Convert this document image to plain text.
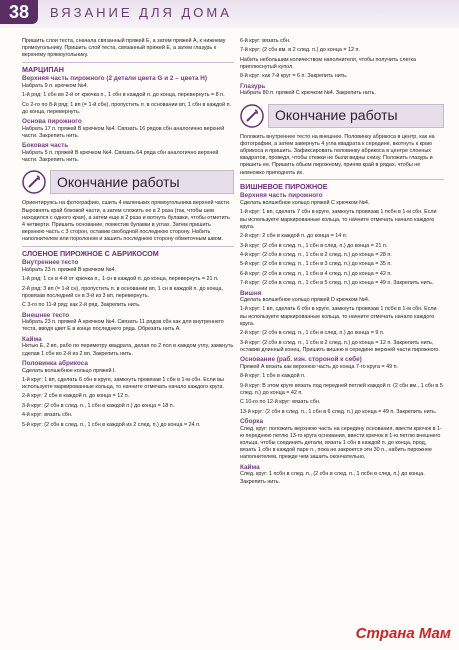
38	ВЯЗАНИЕ ДЛЯ ДОМА

Пришить слои теста, сначала связанный пряжей Е, а затем пряжей А, к нижнему прямоугольнику. Пришить слой теста, связанный пряжей Е, а затем глазурь к верхнему прямоугольнику.

МАРЦИПАН
Верхняя часть пирожного (2 детали цвета G и 2 – цвета H)

Набрать 9 п. крючком №4.

1-й ряд: 1 сбн во 2-й от крючка п., 1 сбн в каждой п. до конца, перевернуть = 8 п.

Со 2-го по 8-й ряд: 1 вп (= 1-й сбн), пропустить п. в основании вп, 1 сбн в каждой п. до конца, перевернуть.

Основа пирожного

Набрать 17 п. пряжей В крючком №4. Связать 16 рядов сбн аналогично верхней части. Закрепить нить.

Боковая часть

Набрать 5 п. пряжей В крючком №4. Связать 64 ряда сбн аналогично верхней части. Закрепить нить.

Окончание работы

Ориентируясь на фотографию, сшить 4 маленьких прямоугольника верхней части. Выровнять край боковой части, а затем сложить ее в 2 раза (так, чтобы шов находился с одного края), а затем еще в 2 раза и вотнуть булавки, чтобы отметить 4 четверти. Пришить основание, поместив булавки в углах. Затем пришить верхнюю часть с 3 сторон, оставив свободной последнюю сторону. Набить наполнителем или поролоном и зашить последнюю сторону обметочным швом.

СЛОЕНОЕ ПИРОЖНОЕ С АБРИКОСОМ
Внутреннее тесто

Набрать 23 п. пряжей В крючком №4.

1-й ряд: 1 сн в 4-й от крючка п., 1 сн в каждой п. до конца, перевернуть = 21 п.

2-й ряд: 3 вп (= 1-й сн), пропустить п. в основании вп, 1 сн в каждой п. до конца, провязав последний сн в 3-й из 3 вп, перевернуть.

С 3-го по 11-й ряд: как 2-й ряд. Закрепить нить.

Внешнее тесто

Набрать 23 п. пряжей А крючком №4. Связать 11 рядов сбн как для внутреннего теста, вводя цвет Е в конце последнего ряда. Обрезать нить А.

Кайма

Нитью Е, 2 вп, рабо по периметру квадрата, делая по 2 пол в каждом углу, замкнуть сделав 1 сбн во 2-й из 2 вп. Закрепить нить.

Половинка абрикоса

Сделать волшебное кольцо пряжей I.

1-й круг: 1 вп, сделать 6 сбн в круге, замкнуть провязав 1 сбн в 1-м сбн. Если вы используете маркированные кольца, то начните отмечать начало каждого круга.

2-й круг: 2 сбн в каждой п. до конца = 12 п.

3-й круг: (2 сбн в след. п., 1 сбн в каждой п.) до конца = 18 п.

4-й круг: вязать сбн.

5-й круг: (2 сбн в след. п., 1 сбн в каждой из 2 след. п.) до конца = 24 п.

6-й круг: вязать сбн.

7-й круг: (2 сбн вм. в 2 след. п.) до конца = 12 п.

Набить небольшим количеством наполнителя, чтобы получить слегка приплюснутый купол.

8-й круг: как 7-й круг = 6 п. Закрепить нить.

Глазурь

Набрать 80 п. пряжей С крючком №4. Закрепить нить.

Окончание работы

Положить внутреннее тесто на внешнее. Половинку абрикоса в центр, как на фотографии, а затем завернуть 4 угла квадрата к середине, вкотнуть к краю абрикоса и пришить. Зафиксировать половинку абрикоса в центре слоеных квадратов, проведя, чтобы стежки не были видны снизу. Положить глазурь и пришить ее. Пришить обьем пирожному, приняв край в рядах, чтобы не немножко приподнять их.

ВИШНЕВОЕ ПИРОЖНОЕ
Верхняя часть пирожного

Сделать волшебное кольцо пряжей С крючком №4.

1-й круг: 1 вп, сделать 7 сбн в круге, замкнуть провязав 1 псбн в 1-м сбн. Если вы используете маркированные кольца, то начните отмечать начало каждого круга.

2-й круг: 2 сбн в каждой п. до конца = 14 п.

3-й круг: (2 сбн в след. п., 1 сбн в след. п.) до конца = 21 п.

4-й круг: (2 сбн в след. п., 1 сбн в 2 след. п.) до конца = 28 п.

5-й круг: (2 сбн в след. п., 1 сбн в 3 след. п.) до конца = 35 п.

6-й круг: (2 сбн в след. п., 1 сбн в 4 след. п.) до конца = 42 п.

7-й круг: (2 сбн в след. п., 1 сбн в 5 след. п.) до конца = 49 п. Закрепить нить.

Вишня

Сделать волшебное кольцо пряжей D крючком №4.

1-й круг: 1 вп, сделать 6 сбн в круге, замкнуть провязав 1 псбн в 1-м сбн. Если вы используете маркированные кольца, то начните отмечать начало каждого круга.

2-й круг: (2 сбн в след. п., 1 сбн в след. п.) до конца = 9 п.

3-й круг: (2 сбн в след. п., 1 сбн в 2 след. п.) до конца = 12 п. Закрепить нить, оставив длинный конец. Пришить вишню в середине верхней части пирожного.

Основание (раб. изн. стороной к себе)

Пряжей А вязать как верхнюю часть до конца 7-го круга = 49 п.

8-й круг: 1 сбн в каждой п.

9-й круг: В этом круге вязать под передней петлей каждой п. (2 сбн вм., 1 сбн в 5 след. п.) до конца = 42 п.

С 10-го по 12-й круг: вязать сбн.

13-й круг: (2 сбн в след. п., 1 сбн в 6 след. п.) до конца = 49 п. Закрепить нить.

Сборка

След. круг: положить верхнюю часть на середину основания, ввести крючок в 1-ю переднюю петлю 13-го круга основания, ввести крючок в 1-ю петлю внешнего кольца, чтобы соединить детали, вязать 1 сбн в каждой п. до конца, прод, вязать 1 сбн в каждой паре п., пока не закроется эти 30 п., набить пирожное наполнителем, прежде чем зашить окончательно.

Кайма

След. круг: 1 псбн в след. п., (2 сбн в след. п., 1 псбн в след. п.) до конца. Закрепить нить.

Страна Мам
